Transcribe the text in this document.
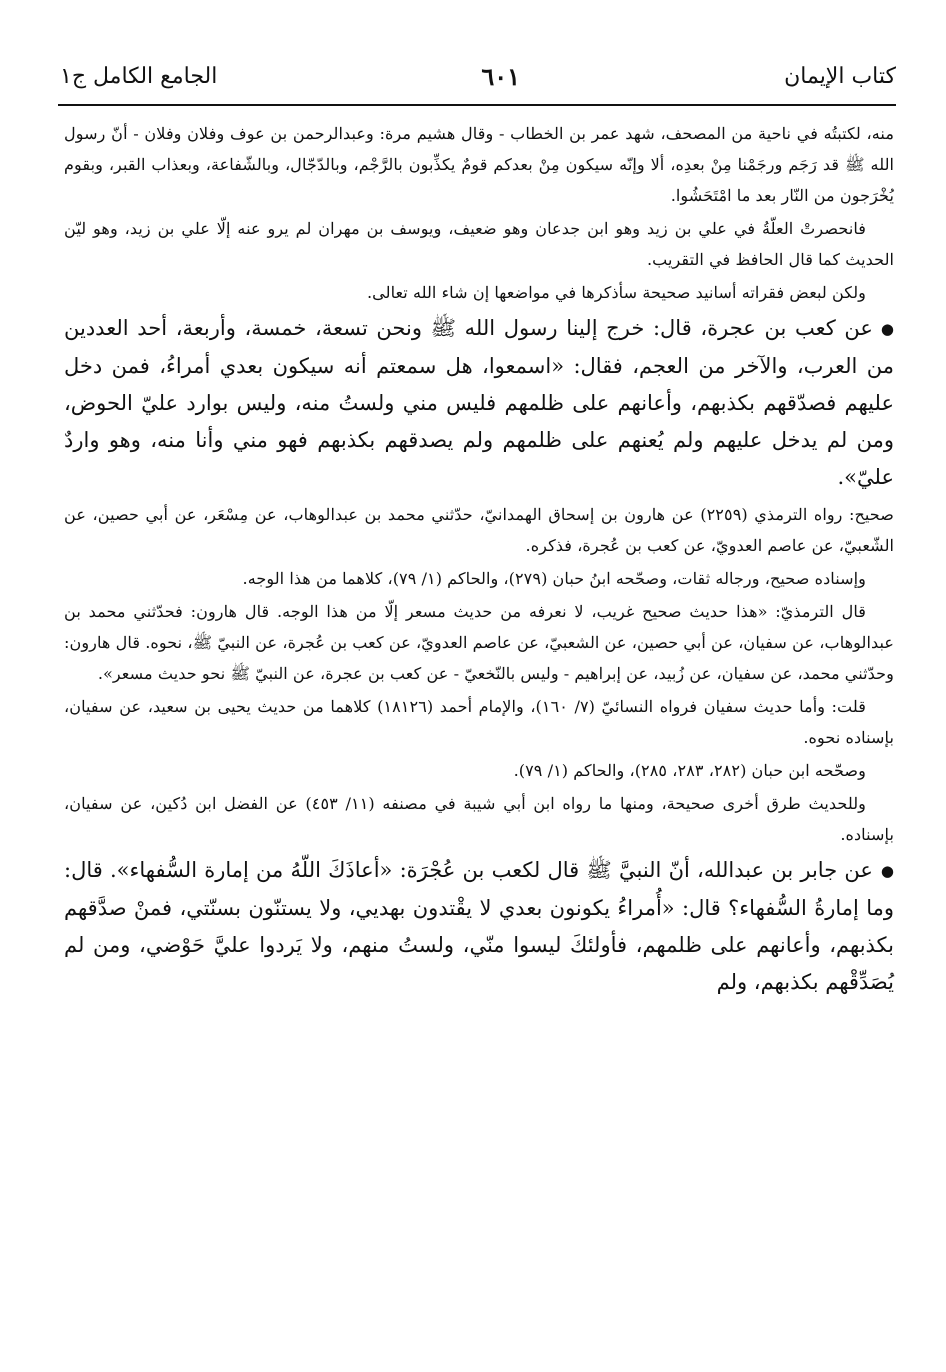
كتاب الإيمان
٦٠١
الجامع الكامل ج١

منه، لكتبتُه في ناحية من المصحف، شهد عمر بن الخطاب - وقال هشيم مرة: وعبدالرحمن بن عوف وفلان وفلان - أنّ رسول الله ﷺ قد رَجَم ورجَمْنا مِنْ بعدِه، ألا وإنّه سيكون مِنْ بعدكم قومٌ يكذِّبون بالرَّجْم، وبالدّجّال، وبالشّفاعة، وبعذاب القبر، وبقوم يُخْرَجون من النّار بعد ما امْتَحَشُوا.

فانحصرتْ العلّةُ في علي بن زيد وهو ابن جدعان وهو ضعيف، ويوسف بن مهران لم يرو عنه إلّا علي بن زيد، وهو ليّن الحديث كما قال الحافظ في التقريب.

ولكن لبعض فقراته أسانيد صحيحة سأذكرها في مواضعها إن شاء الله تعالى.

●عن كعب بن عجرة، قال: خرج إلينا رسول الله ﷺ ونحن تسعة، خمسة، وأربعة، أحد العددين من العرب، والآخر من العجم، فقال: «اسمعوا، هل سمعتم أنه سيكون بعدي أمراءُ، فمن دخل عليهم فصدّقهم بكذبهم، وأعانهم على ظلمهم فليس مني ولستُ منه، وليس بوارد عليّ الحوض، ومن لم يدخل عليهم ولم يُعنهم على ظلمهم ولم يصدقهم بكذبهم فهو مني وأنا منه، وهو واردٌ عليّ».

صحيح: رواه الترمذي (٢٢٥٩) عن هارون بن إسحاق الهمدانيّ، حدّثني محمد بن عبدالوهاب، عن مِسْعَر، عن أبي حصين، عن الشّعبيّ، عن عاصم العدويّ، عن كعب بن عُجرة، فذكره.

وإسناده صحيح، ورجاله ثقات، وصحّحه ابنُ حبان (٢٧٩)، والحاكم (١/ ٧٩)، كلاهما من هذا الوجه.

قال الترمذيّ: «هذا حديث صحيح غريب، لا نعرفه من حديث مسعر إلّا من هذا الوجه. قال هارون: فحدّثني محمد بن عبدالوهاب، عن سفيان، عن أبي حصين، عن الشعبيّ، عن عاصم العدويّ، عن كعب بن عُجرة، عن النبيّ ﷺ، نحوه. قال هارون: وحدّثني محمد، عن سفيان، عن زُبيد، عن إبراهيم - وليس بالنّخعيّ - عن كعب بن عجرة، عن النبيّ ﷺ نحو حديث مسعر».

قلت: وأما حديث سفيان فرواه النسائيّ (٧/ ١٦٠)، والإمام أحمد (١٨١٢٦) كلاهما من حديث يحيى بن سعيد، عن سفيان، بإسناده نحوه.

وصحّحه ابن حبان (٢٨٢، ٢٨٣، ٢٨٥)، والحاكم (١/ ٧٩).

وللحديث طرق أخرى صحيحة، ومنها ما رواه ابن أبي شيبة في مصنفه (١١/ ٤٥٣) عن الفضل ابن دُكين، عن سفيان، بإسناده.

●عن جابر بن عبدالله، أنّ النبيَّ ﷺ قال لكعب بن عُجْرَة: «أعاذَكَ اللّهُ من إمارة السُّفهاء». قال: وما إمارةُ السُّفهاء؟ قال: «أُمراءُ يكونون بعدي لا يقْتدون بهديي، ولا يستنّون بسنّتي، فمنْ صدَّقهم بكذبهم، وأعانهم على ظلمهم، فأولئكَ ليسوا منّي، ولستُ منهم، ولا يَردوا عليَّ حَوْضي، ومن لم يُصَدِّقْهم بكذبهم، ولم
